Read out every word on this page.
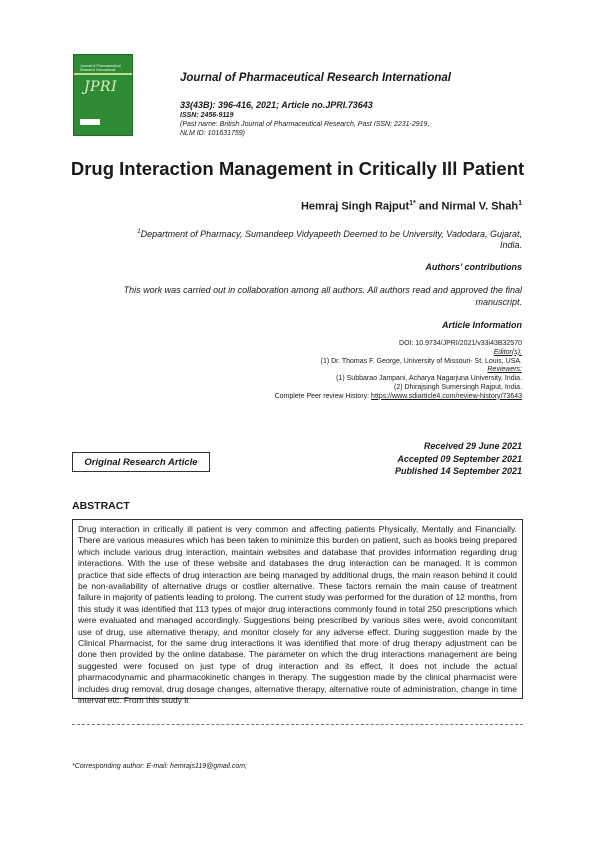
Journal of Pharmaceutical Research International
JPRI
Journal of Pharmaceutical Research International
33(43B): 396-416, 2021; Article no.JPRI.73643
ISSN: 2456-9119
(Past name: British Journal of Pharmaceutical Research, Past ISSN: 2231-2919,
NLM ID: 101631759)
Drug Interaction Management in Critically Ill Patient
Hemraj Singh Rajput$^{1*}$ and Nirmal V. Shah$^1$
$^1$Department of Pharmacy, Sumandeep Vidyapeeth Deemed to be University, Vadodara, Gujarat,
India.
Authors’ contributions
This work was carried out in collaboration among all authors. All authors read and approved the final
manuscript.
Article Information
DOI: 10.9734/JPRI/2021/v33i43B32570
Editor(s):
(1) Dr. Thomas F. George, University of Missouri- St. Louis, USA.
Reviewers:
(1) Subbarao Jampani, Acharya Nagarjuna University, India.
(2) Dhirajsingh Sumersingh Rajput, India.
Complete Peer review History: https://www.sdiarticle4.com/review-history/73643
Received 29 June 2021
Accepted 09 September 2021
Published 14 September 2021
Original Research Article
ABSTRACT
Drug interaction in critically ill patient is very common and affecting patients Physically, Mentally and Financially. There are various measures which has been taken to minimize this burden on patient, such as books being prepared which include various drug interaction, maintain websites and database that provides information regarding drug interactions. With the use of these website and databases the drug interaction can be managed. It is common practice that side effects of drug interaction are being managed by additional drugs, the main reason behind it could be non-availability of alternative drugs or costlier alternative. These factors remain the main cause of treatment failure in majority of patients leading to prolong. The current study was performed for the duration of 12 months, from this study it was identified that 113 types of major drug interactions commonly found in total 250 prescriptions which were evaluated and managed accordingly. Suggestions being prescribed by various sites were, avoid concomitant use of drug, use alternative therapy, and monitor closely for any adverse effect. During suggestion made by the Clinical Pharmacist, for the same drug interactions it was identified that more of drug therapy adjustment can be done then provided by the online database. The parameter on which the drug interactions management are being suggested were focused on just type of drug interaction and its effect, it does not include the actual pharmacodynamic and pharmacokinetic changes in therapy. The suggestion made by the clinical pharmacist were includes drug removal, drug dosage changes, alternative therapy, alternative route of administration, change in time interval etc. From this study it
*Corresponding author: E-mail: hemrajs119@gmail.com;
